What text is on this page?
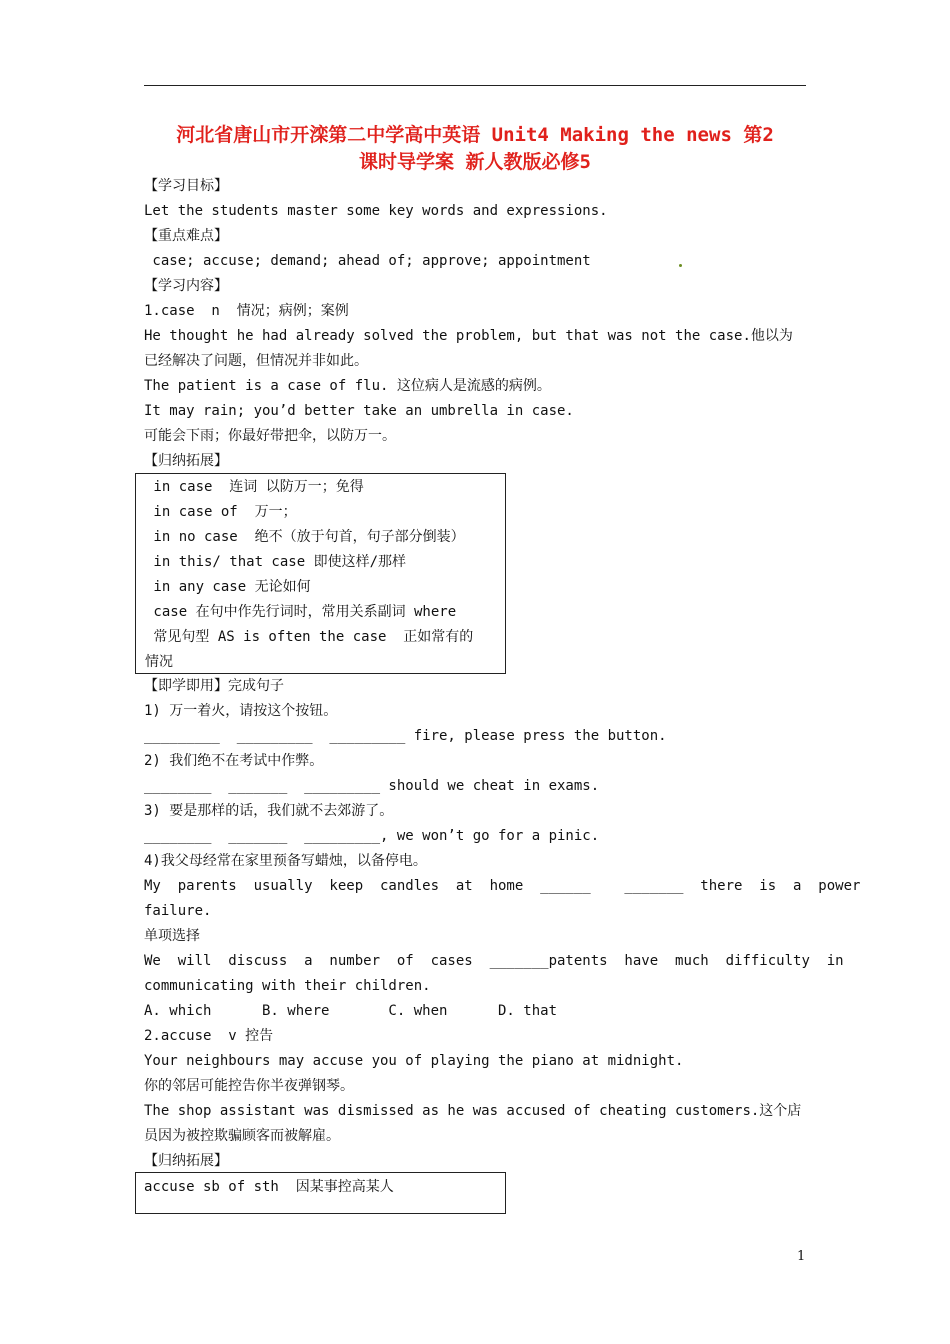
河北省唐山市开滦第二中学高中英语 Unit4 Making the news 第2
课时导学案 新人教版必修5
【学习目标】
Let the students master some key words and expressions.
【重点难点】
case; accuse; demand; ahead of; approve; appointment
【学习内容】
1.case  n  情况；病例；案例
He thought he had already solved the problem, but that was not the case.他以为
已经解决了问题，但情况并非如此。
The patient is a case of flu. 这位病人是流感的病例。
It may rain; you’d better take an umbrella in case.
可能会下雨；你最好带把伞，以防万一。
【归纳拓展】
in case  连词 以防万一；免得
in case of  万一；
in no case  绝不（放于句首，句子部分倒装）
in this/ that case 即使这样/那样
in any case 无论如何
case 在句中作先行词时，常用关系副词 where
常见句型 AS is often the case  正如常有的
情况
【即学即用】完成句子
1) 万一着火，请按这个按钮。
_________  _________  _________ fire, please press the button.
2) 我们绝不在考试中作弊。
________  _______  _________ should we cheat in exams.
3) 要是那样的话，我们就不去郊游了。
________  _______  _________, we won’t go for a pinic.
4)我父母经常在家里预备写蜡烛，以备停电。
My  parents  usually  keep  candles  at  home  ______    _______  there  is  a  power
failure.
单项选择
We  will  discuss  a  number  of  cases  _______patents  have  much  difficulty  in
communicating with their children.
A. which      B. where       C. when      D. that
2.accuse  v 控告
Your neighbours may accuse you of playing the piano at midnight.
你的邻居可能控告你半夜弹钢琴。
The shop assistant was dismissed as he was accused of cheating customers.这个店
员因为被控欺骗顾客而被解雇。
【归纳拓展】
accuse sb of sth  因某事控高某人
1
